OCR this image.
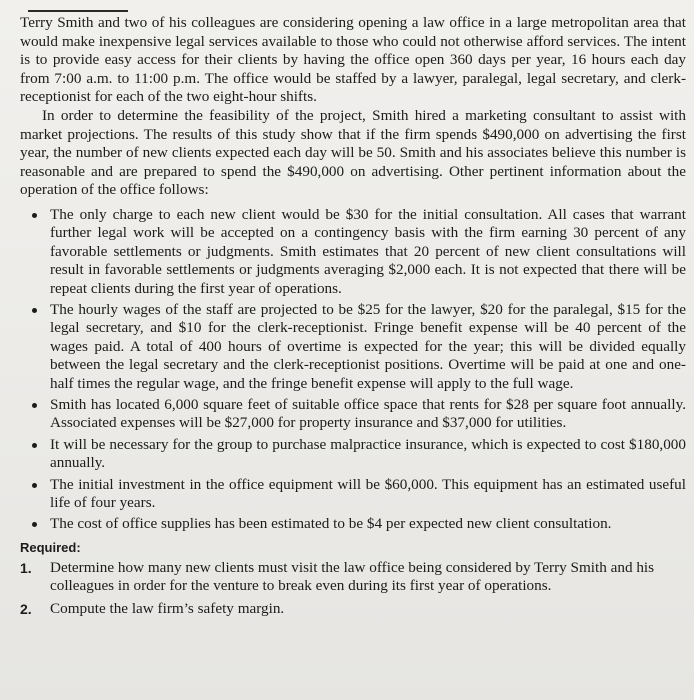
Terry Smith and two of his colleagues are considering opening a law office in a large metropolitan area that would make inexpensive legal services available to those who could not otherwise afford services. The intent is to provide easy access for their clients by having the office open 360 days per year, 16 hours each day from 7:00 a.m. to 11:00 p.m. The office would be staffed by a lawyer, paralegal, legal secretary, and clerk-receptionist for each of the two eight-hour shifts.

In order to determine the feasibility of the project, Smith hired a marketing consultant to assist with market projections. The results of this study show that if the firm spends $490,000 on advertising the first year, the number of new clients expected each day will be 50. Smith and his associates believe this number is reasonable and are prepared to spend the $490,000 on advertising. Other pertinent information about the operation of the office follows:

The only charge to each new client would be $30 for the initial consultation. All cases that warrant further legal work will be accepted on a contingency basis with the firm earning 30 percent of any favorable settlements or judgments. Smith estimates that 20 percent of new client consultations will result in favorable settlements or judgments averaging $2,000 each. It is not expected that there will be repeat clients during the first year of operations.
The hourly wages of the staff are projected to be $25 for the lawyer, $20 for the paralegal, $15 for the legal secretary, and $10 for the clerk-receptionist. Fringe benefit expense will be 40 percent of the wages paid. A total of 400 hours of overtime is expected for the year; this will be divided equally between the legal secretary and the clerk-receptionist positions. Overtime will be paid at one and one-half times the regular wage, and the fringe benefit expense will apply to the full wage.
Smith has located 6,000 square feet of suitable office space that rents for $28 per square foot annually. Associated expenses will be $27,000 for property insurance and $37,000 for utilities.
It will be necessary for the group to purchase malpractice insurance, which is expected to cost $180,000 annually.
The initial investment in the office equipment will be $60,000. This equipment has an estimated useful life of four years.
The cost of office supplies has been estimated to be $4 per expected new client consultation.
Required:
1. Determine how many new clients must visit the law office being considered by Terry Smith and his colleagues in order for the venture to break even during its first year of operations.
2. Compute the law firm’s safety margin.
